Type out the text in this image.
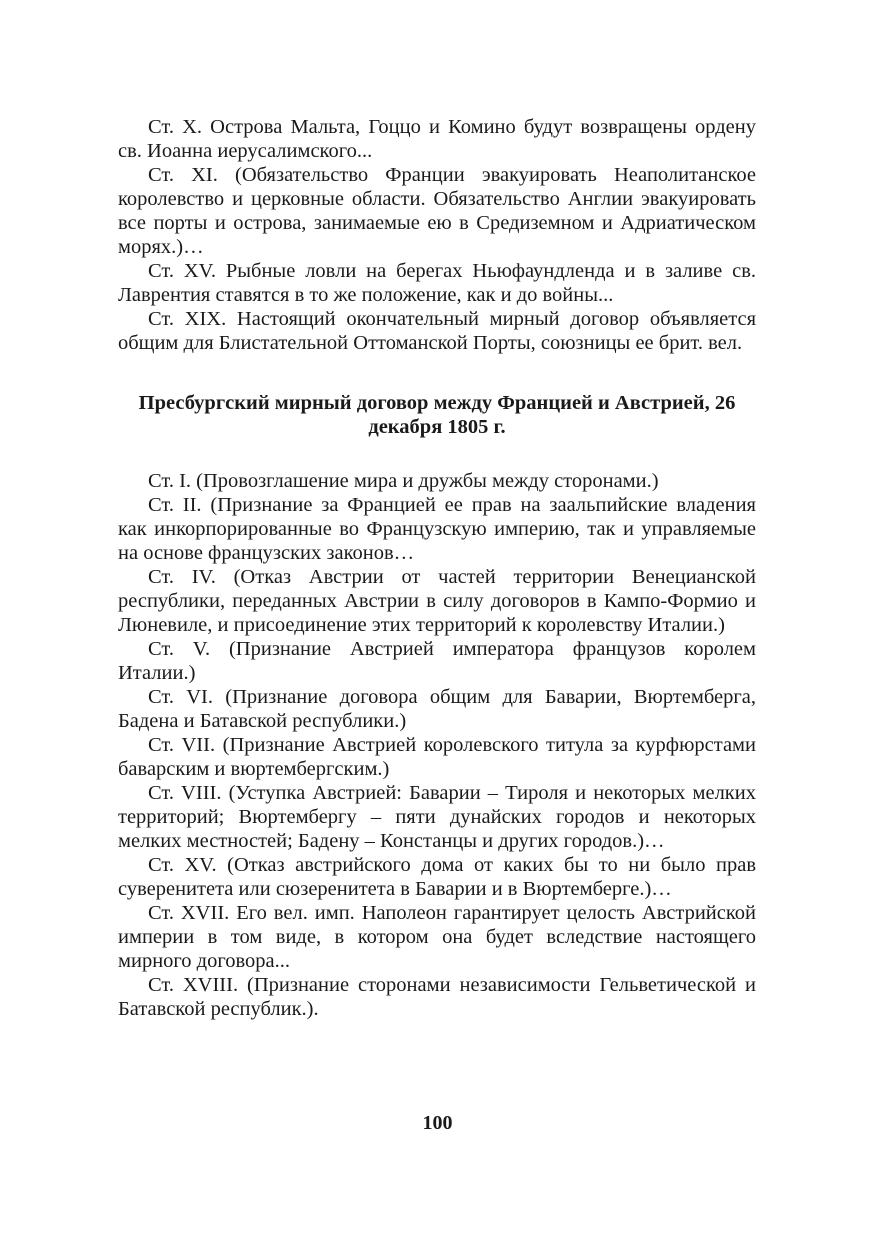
Ст. X. Острова Мальта, Гоццо и Комино будут возвращены ордену св. Иоанна иерусалимского...

Ст. XI. (Обязательство Франции эвакуировать Неаполитанское королевство и церковные области. Обязательство Англии эвакуировать все порты и острова, занимаемые ею в Средиземном и Адриатическом морях.)…

Ст. XV. Рыбные ловли на берегах Ньюфаундленда и в заливе св. Лаврентия ставятся в то же положение, как и до войны...

Ст. XIX. Настоящий окончательный мирный договор объявляется общим для Блистательной Оттоманской Порты, союзницы ее брит. вел.

Пресбургский мирный договор между Францией и Австрией, 26 декабря 1805 г.

Ст. I. (Провозглашение мира и дружбы между сторонами.)

Ст. II. (Признание за Францией ее прав на заальпийские владения как инкорпорированные во Французскую империю, так и управляемые на основе французских законов…

Ст. IV. (Отказ Австрии от частей территории Венецианской республики, переданных Австрии в силу договоров в Кампо-Формио и Люневиле, и присоединение этих территорий к королевству Италии.)

Ст. V. (Признание Австрией императора французов королем Италии.)

Ст. VI. (Признание договора общим для Баварии, Вюртемберга, Бадена и Батавской республики.)

Ст. VII. (Признание Австрией королевского титула за курфюрстами баварским и вюртембергским.)

Ст. VIII. (Уступка Австрией: Баварии – Тироля и некоторых мелких территорий; Вюртембергу – пяти дунайских городов и некоторых мелких местностей; Бадену – Констанцы и других городов.)…

Ст. XV. (Отказ австрийского дома от каких бы то ни было прав суверенитета или сюзеренитета в Баварии и в Вюртемберге.)…

Ст. XVII. Его вел. имп. Наполеон гарантирует целость Австрийской империи в том виде, в котором она будет вследствие настоящего мирного договора...

Ст. XVIII. (Признание сторонами независимости Гельветической и Батавской республик.).

100
